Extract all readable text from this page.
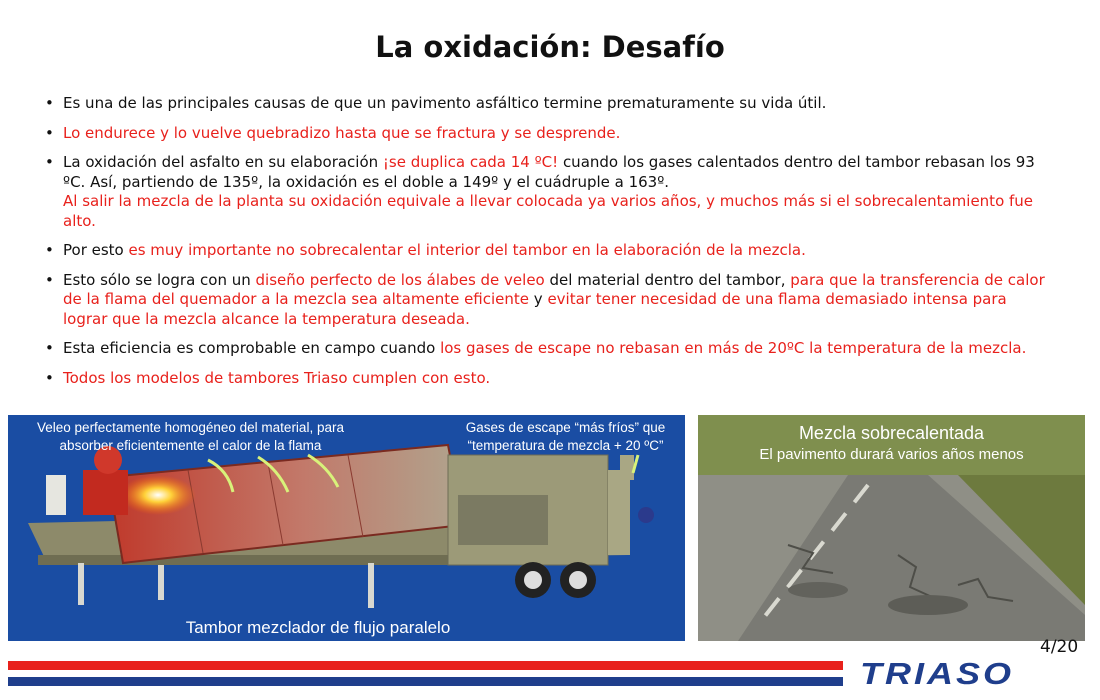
La oxidación: Desafío
• Es una de las principales causas de que un pavimento asfáltico termine prematuramente su vida útil.
• Lo endurece y lo vuelve quebradizo hasta que se fractura y se desprende.
• La oxidación del asfalto en su elaboración ¡se duplica cada 14 ºC! cuando los gases calentados dentro del tambor rebasan los 93 ºC. Así, partiendo de 135º, la oxidación es el doble a 149º y el cuádruple a 163º.
Al salir la mezcla de la planta su oxidación equivale a llevar colocada ya varios años, y muchos más si el sobrecalentamiento fue alto.
• Por esto es muy importante no sobrecalentar el interior del tambor en la elaboración de la mezcla.
• Esto sólo se logra con un diseño perfecto de los álabes de veleo del material dentro del tambor, para que la transferencia de calor de la flama del quemador a la mezcla sea altamente eficiente y evitar tener necesidad de una flama demasiado intensa para lograr que la mezcla alcance la temperatura deseada.
• Esta eficiencia es comprobable en campo cuando los gases de escape no rebasan en más de 20ºC la temperatura de la mezcla.
• Todos los modelos de tambores Triaso cumplen con esto.
Veleo perfectamente homogéneo del material, para
absorber eficientemente el calor de la flama
Gases de escape “más fríos” que
“temperatura de mezcla + 20 ºC”
Tambor mezclador de flujo paralelo
Mezcla sobrecalentada
El pavimento durará varios años menos
4/20
TRIASO
